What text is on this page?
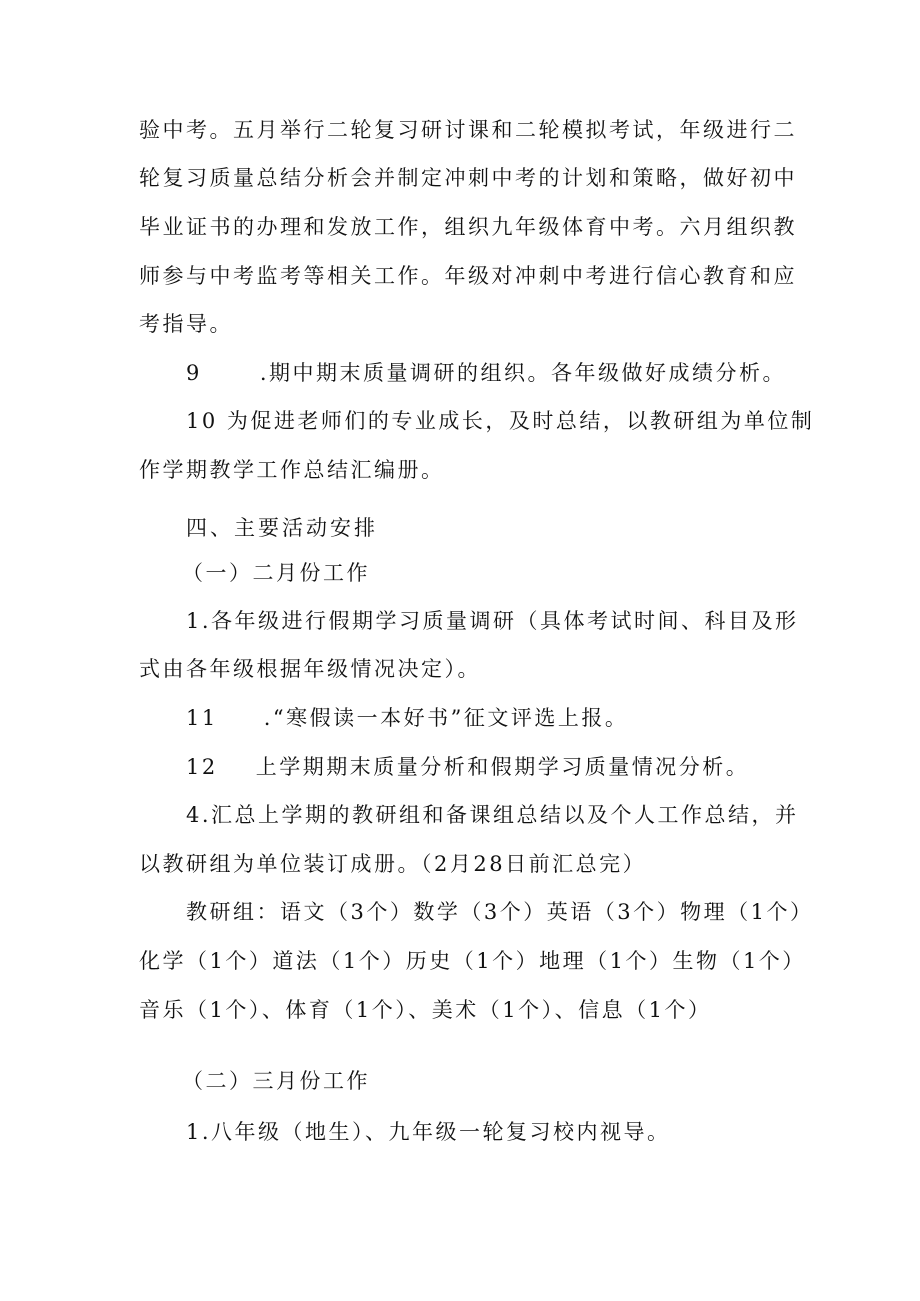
验中考。五月举行二轮复习研讨课和二轮模拟考试，年级进行二
轮复习质量总结分析会并制定冲刺中考的计划和策略，做好初中
毕业证书的办理和发放工作，组织九年级体育中考。六月组织教
师参与中考监考等相关工作。年级对冲刺中考进行信心教育和应
考指导。
9	.期中期末质量调研的组织。各年级做好成绩分析。
10 为促进老师们的专业成长，及时总结，以教研组为单位制
作学期教学工作总结汇编册。
四、主要活动安排
（一）二月份工作
1.各年级进行假期学习质量调研（具体考试时间、科目及形
式由各年级根据年级情况决定）。
11 .“寒假读一本好书”征文评选上报。
12 上学期期末质量分析和假期学习质量情况分析。
4.汇总上学期的教研组和备课组总结以及个人工作总结，并
以教研组为单位装订成册。（2月28日前汇总完）
教研组：语文（3个）数学（3个）英语（3个）物理（1个）
化学（1个）道法（1个）历史（1个）地理（1个）生物（1个）
音乐（1个）、体育（1个）、美术（1个）、信息（1个）
（二）三月份工作
1.八年级（地生）、九年级一轮复习校内视导。
